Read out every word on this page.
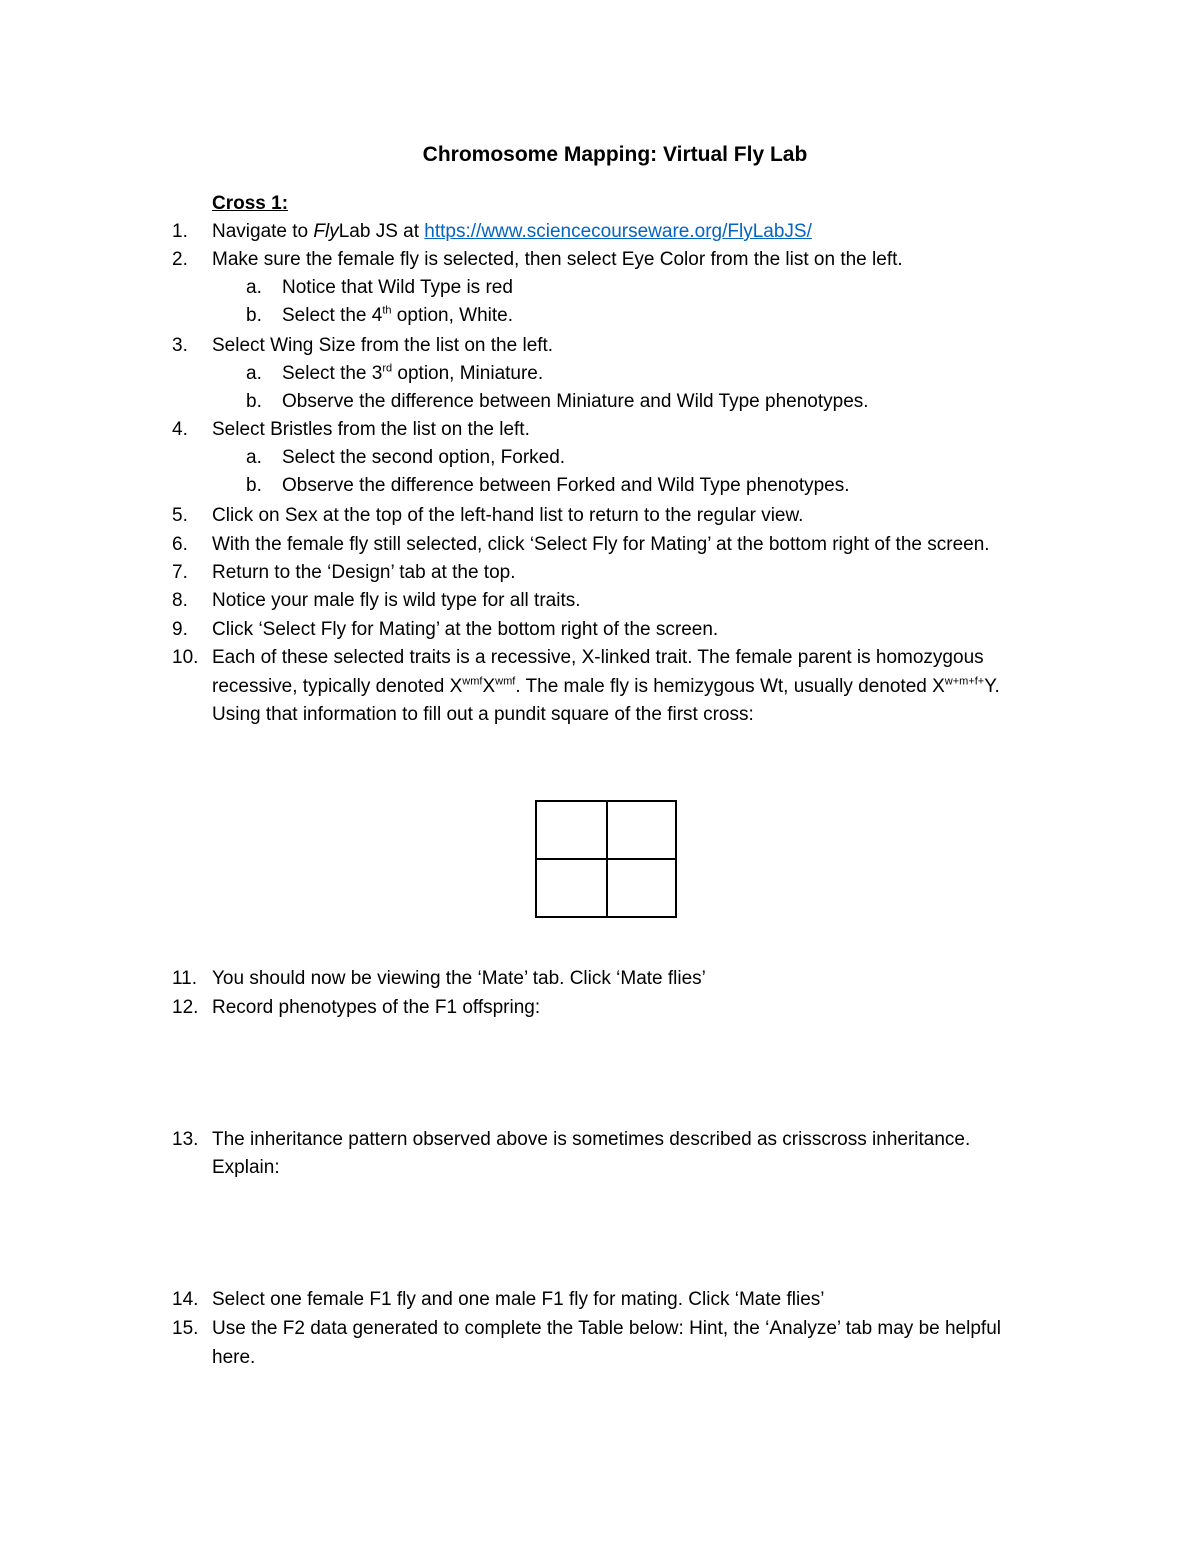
Chromosome Mapping: Virtual Fly Lab
Cross 1:
1. Navigate to FlyLab JS at https://www.sciencecourseware.org/FlyLabJS/
2. Make sure the female fly is selected, then select Eye Color from the list on the left.
a. Notice that Wild Type is red
b. Select the 4th option, White.
3. Select Wing Size from the list on the left.
a. Select the 3rd option, Miniature.
b. Observe the difference between Miniature and Wild Type phenotypes.
4. Select Bristles from the list on the left.
a. Select the second option, Forked.
b. Observe the difference between Forked and Wild Type phenotypes.
5. Click on Sex at the top of the left-hand list to return to the regular view.
6. With the female fly still selected, click ‘Select Fly for Mating’ at the bottom right of the screen.
7. Return to the ‘Design’ tab at the top.
8. Notice your male fly is wild type for all traits.
9. Click ‘Select Fly for Mating’ at the bottom right of the screen.
10. Each of these selected traits is a recessive, X-linked trait. The female parent is homozygous
recessive, typically denoted $X^{wmf}X^{wmf}$. The male fly is hemizygous Wt, usually denoted $X^{w+m+f+}Y$.
Using that information to fill out a pundit square of the first cross:
11. You should now be viewing the ‘Mate’ tab. Click ‘Mate flies’
12. Record phenotypes of the F1 offspring:
13. The inheritance pattern observed above is sometimes described as crisscross inheritance.
Explain:
14. Select one female F1 fly and one male F1 fly for mating. Click ‘Mate flies’
15. Use the F2 data generated to complete the Table below: Hint, the ‘Analyze’ tab may be helpful
here.
